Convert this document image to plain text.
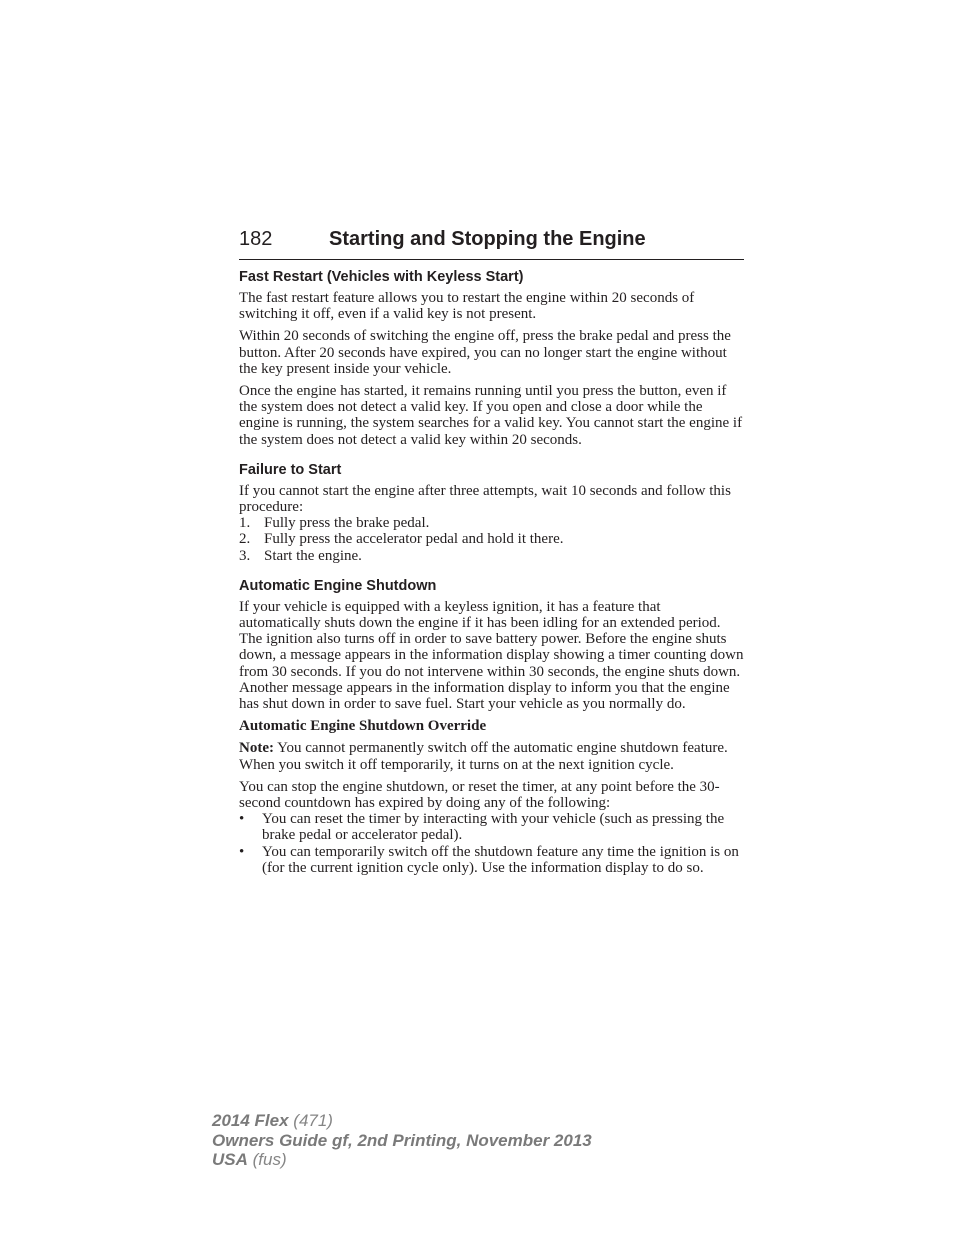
182	Starting and Stopping the Engine
Fast Restart (Vehicles with Keyless Start)

The fast restart feature allows you to restart the engine within 20 seconds of switching it off, even if a valid key is not present.

Within 20 seconds of switching the engine off, press the brake pedal and press the button. After 20 seconds have expired, you can no longer start the engine without the key present inside your vehicle.

Once the engine has started, it remains running until you press the button, even if the system does not detect a valid key. If you open and close a door while the engine is running, the system searches for a valid key. You cannot start the engine if the system does not detect a valid key within 20 seconds.

Failure to Start

If you cannot start the engine after three attempts, wait 10 seconds and follow this procedure:

1. Fully press the brake pedal.
2. Fully press the accelerator pedal and hold it there.
3. Start the engine.
Automatic Engine Shutdown

If your vehicle is equipped with a keyless ignition, it has a feature that automatically shuts down the engine if it has been idling for an extended period. The ignition also turns off in order to save battery power. Before the engine shuts down, a message appears in the information display showing a timer counting down from 30 seconds. If you do not intervene within 30 seconds, the engine shuts down. Another message appears in the information display to inform you that the engine has shut down in order to save fuel. Start your vehicle as you normally do.

Automatic Engine Shutdown Override

Note: You cannot permanently switch off the automatic engine shutdown feature. When you switch it off temporarily, it turns on at the next ignition cycle.

You can stop the engine shutdown, or reset the timer, at any point before the 30-second countdown has expired by doing any of the following:

•	You can reset the timer by interacting with your vehicle (such as pressing the brake pedal or accelerator pedal).
•	You can temporarily switch off the shutdown feature any time the ignition is on (for the current ignition cycle only). Use the information display to do so.
2014 Flex (471)
Owners Guide gf, 2nd Printing, November 2013
USA (fus)
